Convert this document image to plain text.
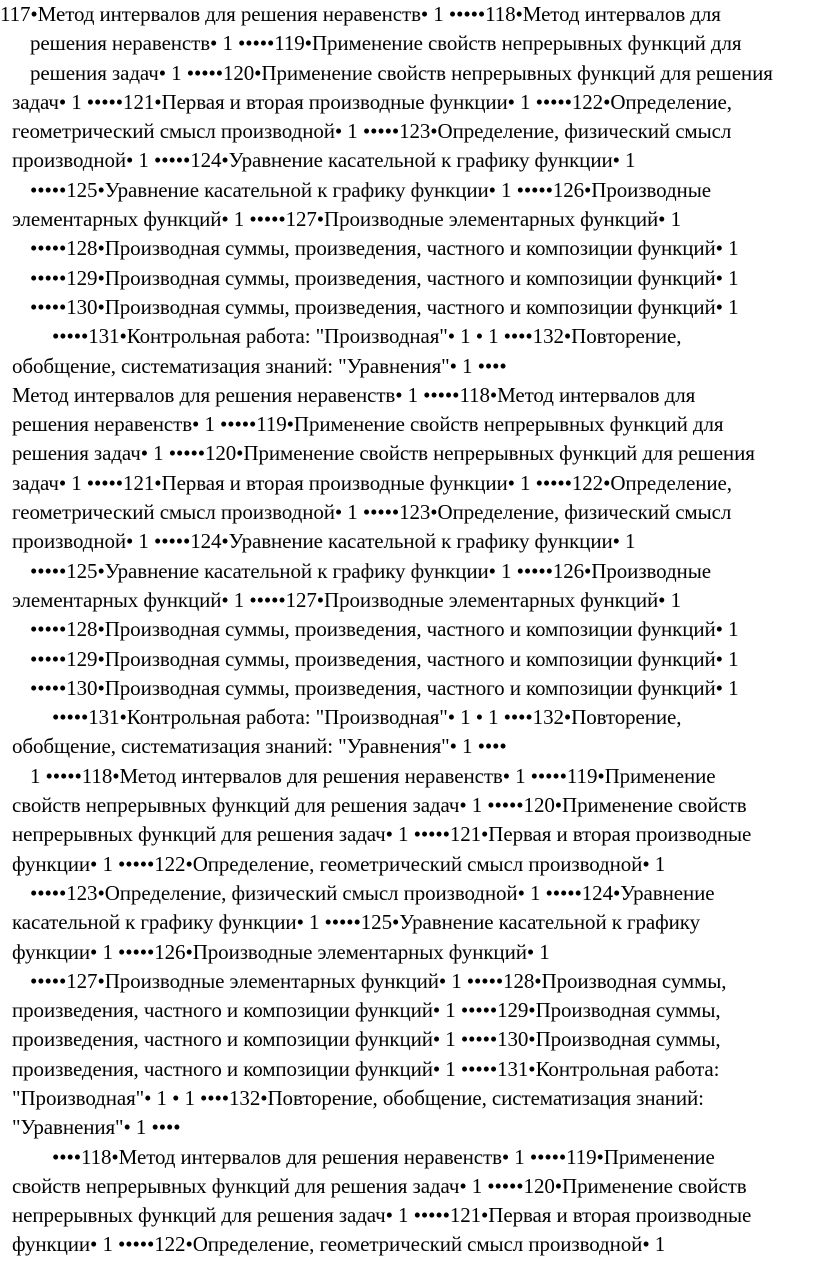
117•Метод интервалов для решения неравенств• 1 •••••118•Метод интервалов для
решения неравенств• 1 •••••119•Применение свойств непрерывных функций для
решения задач• 1 •••••120•Применение свойств непрерывных функций для решения
задач• 1 •••••121•Первая и вторая производные функции• 1 •••••122•Определение,
геометрический смысл производной• 1 •••••123•Определение, физический смысл
производной• 1 •••••124•Уравнение касательной к графику функции• 1
•••••125•Уравнение касательной к графику функции• 1 •••••126•Производные
элементарных функций• 1 •••••127•Производные элементарных функций• 1
•••••128•Производная суммы, произведения, частного и композиции функций• 1
•••••129•Производная суммы, произведения, частного и композиции функций• 1
•••••130•Производная суммы, произведения, частного и композиции функций• 1
•••••131•Контрольная работа: "Производная"• 1 • 1 ••••132•Повторение,
обобщение, систематизация знаний: "Уравнения"• 1 ••••
Метод интервалов для решения неравенств• 1 •••••118•Метод интервалов для
решения неравенств• 1 •••••119•Применение свойств непрерывных функций для
решения задач• 1 •••••120•Применение свойств непрерывных функций для решения
задач• 1 •••••121•Первая и вторая производные функции• 1 •••••122•Определение,
геометрический смысл производной• 1 •••••123•Определение, физический смысл
производной• 1 •••••124•Уравнение касательной к графику функции• 1
•••••125•Уравнение касательной к графику функции• 1 •••••126•Производные
элементарных функций• 1 •••••127•Производные элементарных функций• 1
•••••128•Производная суммы, произведения, частного и композиции функций• 1
•••••129•Производная суммы, произведения, частного и композиции функций• 1
•••••130•Производная суммы, произведения, частного и композиции функций• 1
•••••131•Контрольная работа: "Производная"• 1 • 1 ••••132•Повторение,
обобщение, систематизация знаний: "Уравнения"• 1 ••••
1 •••••118•Метод интервалов для решения неравенств• 1 •••••119•Применение
свойств непрерывных функций для решения задач• 1 •••••120•Применение свойств
непрерывных функций для решения задач• 1 •••••121•Первая и вторая производные
функции• 1 •••••122•Определение, геометрический смысл производной• 1
•••••123•Определение, физический смысл производной• 1 •••••124•Уравнение
касательной к графику функции• 1 •••••125•Уравнение касательной к графику
функции• 1 •••••126•Производные элементарных функций• 1
•••••127•Производные элементарных функций• 1 •••••128•Производная суммы,
произведения, частного и композиции функций• 1 •••••129•Производная суммы,
произведения, частного и композиции функций• 1 •••••130•Производная суммы,
произведения, частного и композиции функций• 1 •••••131•Контрольная работа:
"Производная"• 1 • 1 ••••132•Повторение, обобщение, систематизация знаний:
"Уравнения"• 1 ••••
••••118•Метод интервалов для решения неравенств• 1 •••••119•Применение
свойств непрерывных функций для решения задач• 1 •••••120•Применение свойств
непрерывных функций для решения задач• 1 •••••121•Первая и вторая производные
функции• 1 •••••122•Определение, геометрический смысл производной• 1
